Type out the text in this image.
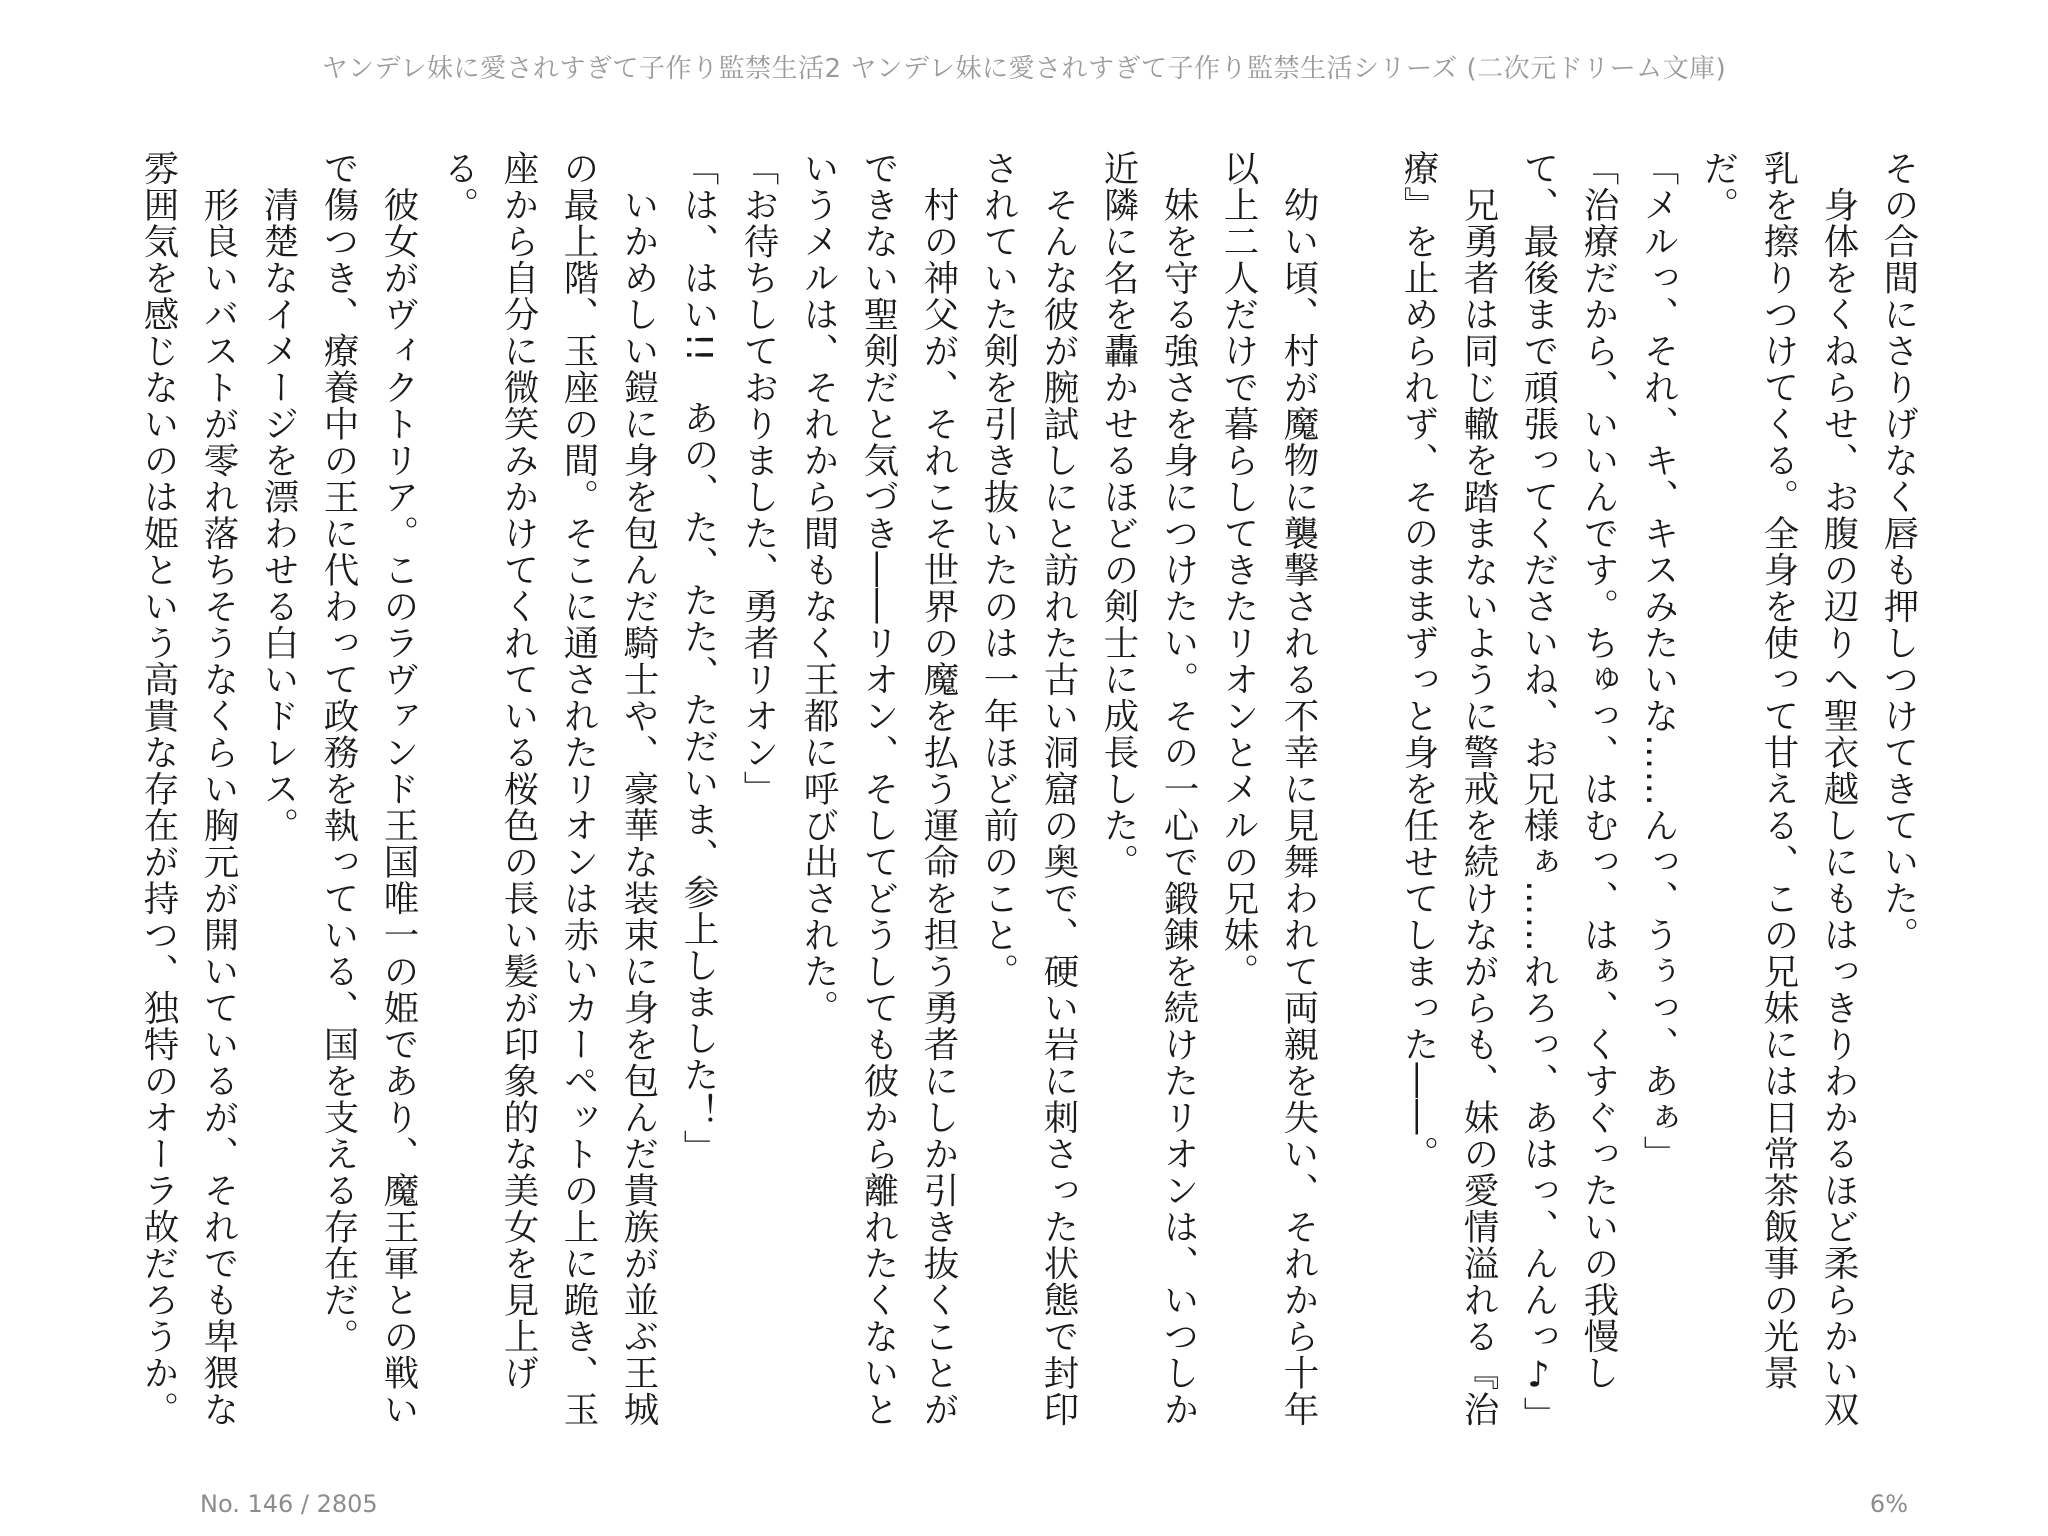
ヤンデレ妹に愛されすぎて子作り監禁生活2 ヤンデレ妹に愛されすぎて子作り監禁生活シリーズ (二次元ドリーム文庫)

その合間にさりげなく唇も押しつけてきていた。

　身体をくねらせ、お腹の辺りへ聖衣越しにもはっきりわかるほど柔らかい双乳を擦りつけてくる。全身を使って甘える、この兄妹には日常茶飯事の光景だ。

「メルっ、それ、キ、キスみたいな……んっ、うぅっ、あぁ」

「治療だから、いいんです。ちゅっ、はむっ、はぁ、くすぐったいの我慢して、最後まで頑張ってくださいね、お兄様ぁ……れろっ、あはっ、んんっ♪」

　兄勇者は同じ轍を踏まないように警戒を続けながらも、妹の愛情溢れる『治療』を止められず、そのままずっと身を任せてしまった――。

　幼い頃、村が魔物に襲撃される不幸に見舞われて両親を失い、それから十年以上二人だけで暮らしてきたリオンとメルの兄妹。

　妹を守る強さを身につけたい。その一心で鍛錬を続けたリオンは、いつしか近隣に名を轟かせるほどの剣士に成長した。

　そんな彼が腕試しにと訪れた古い洞窟の奥で、硬い岩に刺さった状態で封印されていた剣を引き抜いたのは一年ほど前のこと。

　村の神父が、それこそ世界の魔を払う運命を担う勇者にしか引き抜くことができない聖剣だと気づき――リオン、そしてどうしても彼から離れたくないというメルは、それから間もなく王都に呼び出された。

「お待ちしておりました、勇者リオン」

「は、はい!!　あの、た、たた、ただいま、参上しました！」

　いかめしい鎧に身を包んだ騎士や、豪華な装束に身を包んだ貴族が並ぶ王城の最上階、玉座の間。そこに通されたリオンは赤いカーペットの上に跪き、玉座から自分に微笑みかけてくれている桜色の長い髪が印象的な美女を見上げる。

　彼女がヴィクトリア。このラヴァンド王国唯一の姫であり、魔王軍との戦いで傷つき、療養中の王に代わって政務を執っている、国を支える存在だ。

　清楚なイメージを漂わせる白いドレス。

　形良いバストが零れ落ちそうなくらい胸元が開いているが、それでも卑猥な雰囲気を感じないのは姫という高貴な存在が持つ、独特のオーラ故だろうか。

No. 146 / 2805	6%
